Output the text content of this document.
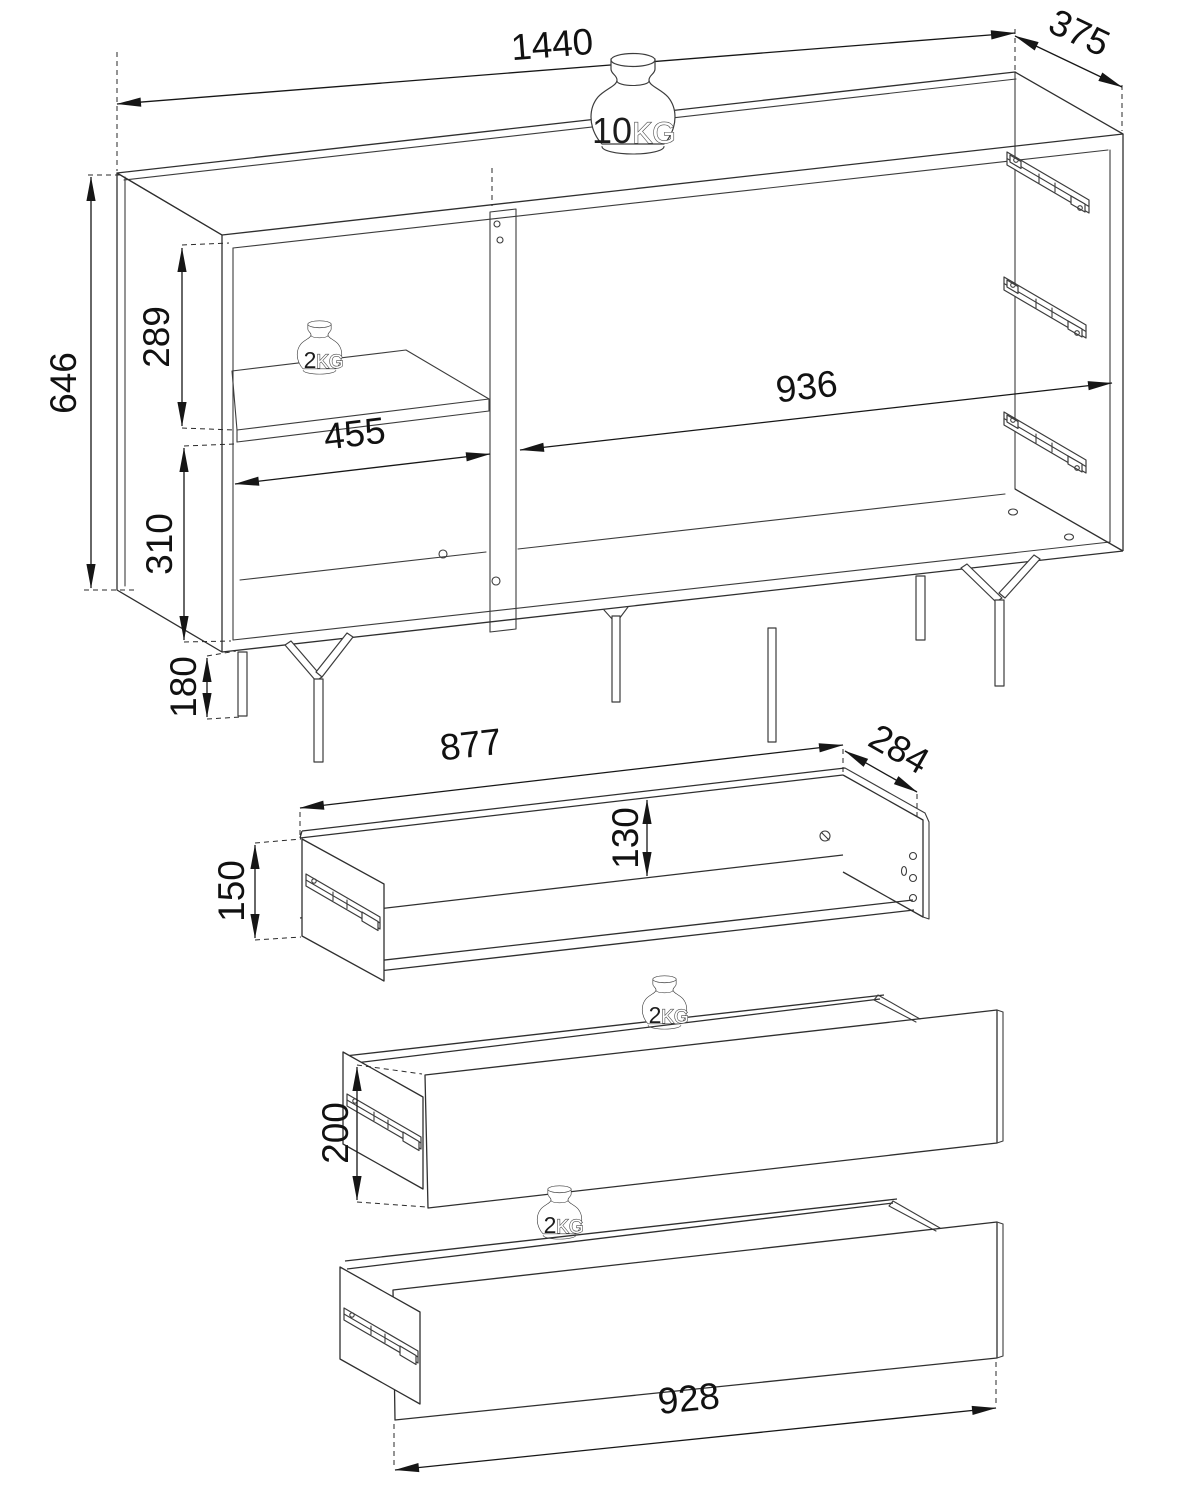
1440	375
646
289
310
180
455
936
10 KG
2 KG
877	284
150
130
200
2 KG
928
2 KG
